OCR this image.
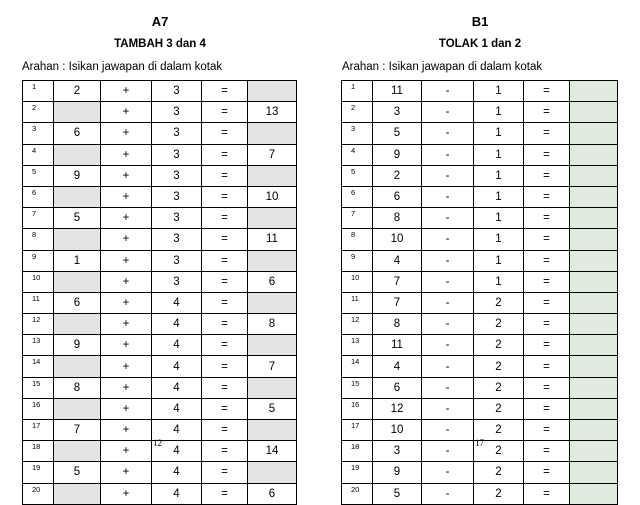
A7
TAMBAH 3 dan 4
Arahan : Isikan jawapan di dalam kotak
1	2	+	3	=	
2		+	3	=	13
3	6	+	3	=	
4		+	3	=	7
5	9	+	3	=	
6		+	3	=	10
7	5	+	3	=	
8		+	3	=	11
9	1	+	3	=	
10		+	3	=	6
11	6	+	4	=	
12		+	4	=	8
13	9	+	4	=	
14		+	4	=	7
15	8	+	4	=	
16		+	4	=	5
17	7	+	4	=	
18		+	4	=	14
19	5	+	4	=	
20		+	4	=	6
12
B1
TOLAK 1 dan 2
Arahan : Isikan jawapan di dalam kotak
1	11	-	1	=	
2	3	-	1	=	
3	5	-	1	=	
4	9	-	1	=	
5	2	-	1	=	
6	6	-	1	=	
7	8	-	1	=	
8	10	-	1	=	
9	4	-	1	=	
10	7	-	1	=	
11	7	-	2	=	
12	8	-	2	=	
13	11	-	2	=	
14	4	-	2	=	
15	6	-	2	=	
16	12	-	2	=	
17	10	-	2	=	
18	3	-	2	=	
19	9	-	2	=	
20	5	-	2	=	
17
